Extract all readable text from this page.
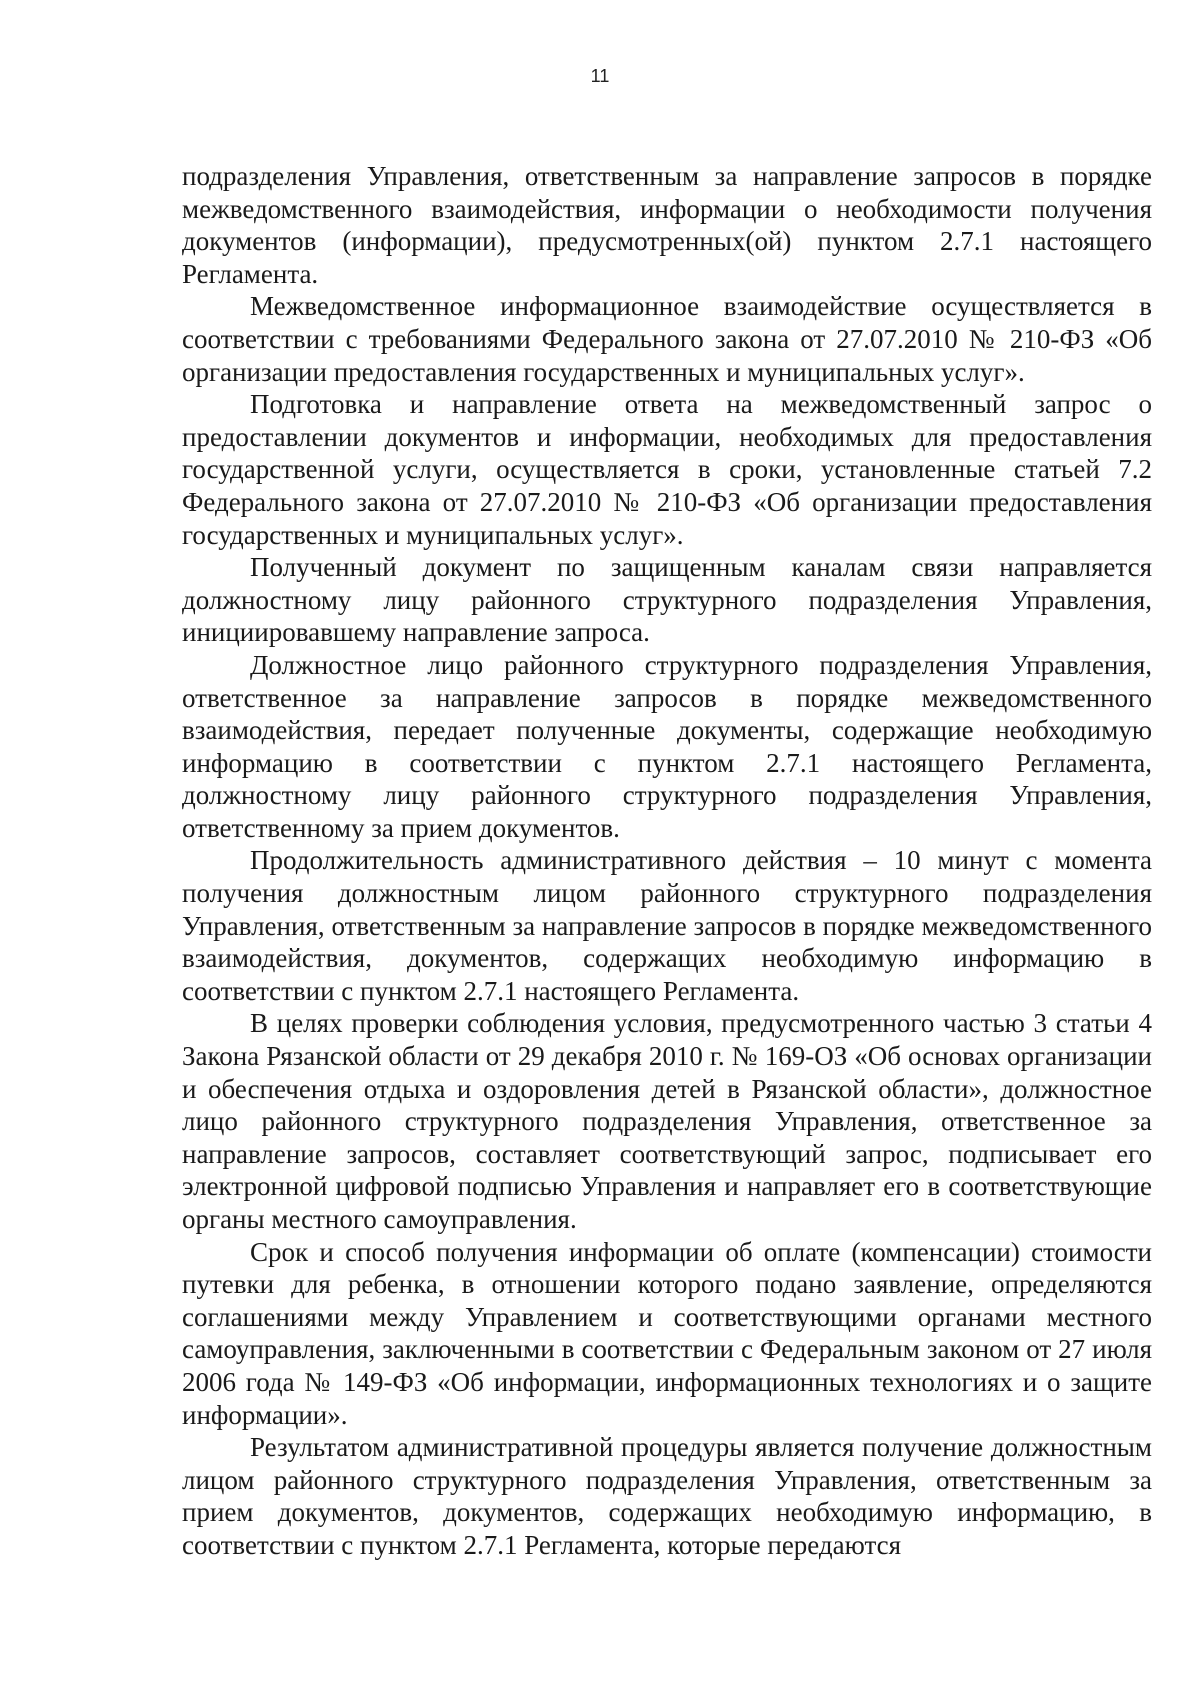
11

подразделения Управления, ответственным за направление запросов в порядке межведомственного взаимодействия, информации о необходимости получения документов (информации), предусмотренных(ой) пунктом 2.7.1 настоящего Регламента.

Межведомственное информационное взаимодействие осуществляется в соответствии с требованиями Федерального закона от 27.07.2010 № 210-ФЗ «Об организации предоставления государственных и муниципальных услуг».

Подготовка и направление ответа на межведомственный запрос о предоставлении документов и информации, необходимых для предоставления государственной услуги, осуществляется в сроки, установленные статьей 7.2 Федерального закона от 27.07.2010 № 210-ФЗ «Об организации предоставления государственных и муниципальных услуг».

Полученный документ по защищенным каналам связи направляется должностному лицу районного структурного подразделения Управления, инициировавшему направление запроса.

Должностное лицо районного структурного подразделения Управления, ответственное за направление запросов в порядке межведомственного взаимодействия, передает полученные документы, содержащие необходимую информацию в соответствии с пунктом 2.7.1 настоящего Регламента, должностному лицу районного структурного подразделения Управления, ответственному за прием документов.

Продолжительность административного действия – 10 минут с момента получения должностным лицом районного структурного подразделения Управления, ответственным за направление запросов в порядке межведомственного взаимодействия, документов, содержащих необходимую информацию в соответствии с пунктом 2.7.1 настоящего Регламента.

В целях проверки соблюдения условия, предусмотренного частью 3 статьи 4 Закона Рязанской области от 29 декабря 2010 г. № 169-ОЗ «Об основах организации и обеспечения отдыха и оздоровления детей в Рязанской области», должностное лицо районного структурного подразделения Управления, ответственное за направление запросов, составляет соответствующий запрос, подписывает его электронной цифровой подписью Управления и направляет его в соответствующие органы местного самоуправления.

Срок и способ получения информации об оплате (компенсации) стоимости путевки для ребенка, в отношении которого подано заявление, определяются соглашениями между Управлением и соответствующими органами местного самоуправления, заключенными в соответствии с Федеральным законом от 27 июля 2006 года № 149-ФЗ «Об информации, информационных технологиях и о защите информации».

Результатом административной процедуры является получение должностным лицом районного структурного подразделения Управления, ответственным за прием документов, документов, содержащих необходимую информацию, в соответствии с пунктом 2.7.1 Регламента, которые передаются
